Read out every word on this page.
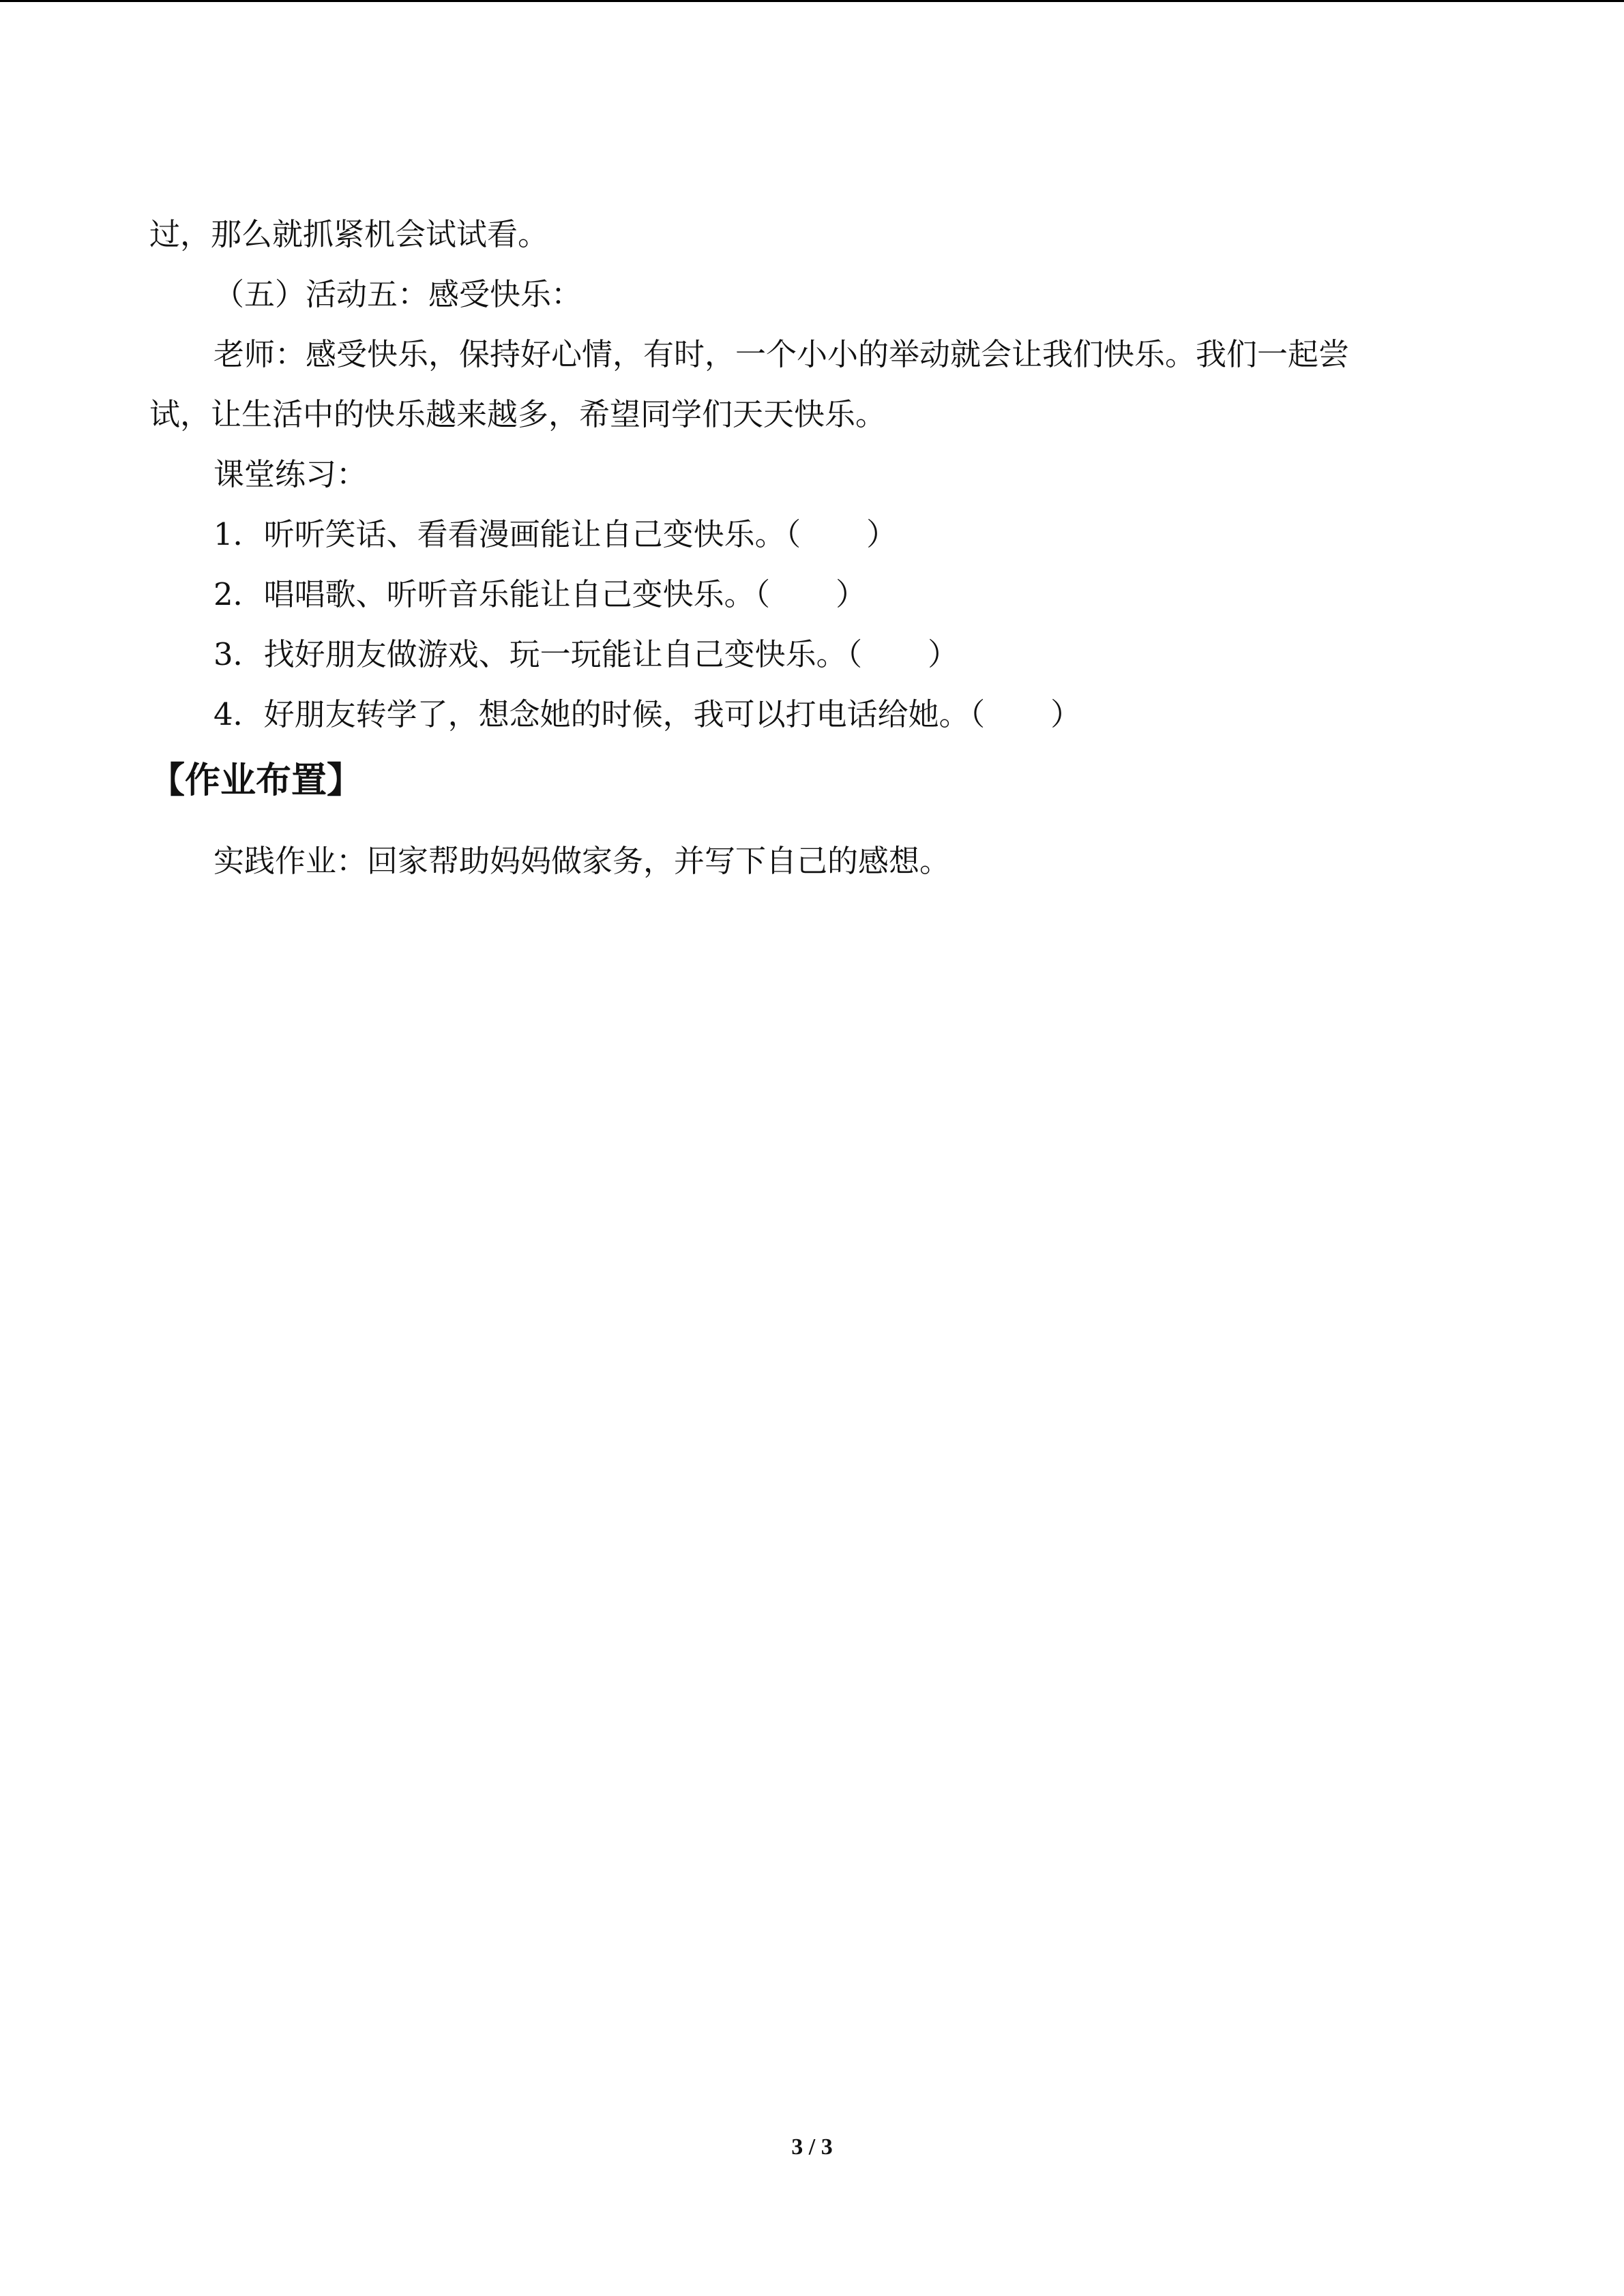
过，那么就抓紧机会试试看。
（五）活动五：感受快乐：
老师：感受快乐，保持好心情，有时，一个小小的举动就会让我们快乐。我们一起尝
试，让生活中的快乐越来越多，希望同学们天天快乐。
课堂练习：
1．听听笑话、看看漫画能让自己变快乐。（ ）
2．唱唱歌、听听音乐能让自己变快乐。（ ）
3．找好朋友做游戏、玩一玩能让自己变快乐。（ ）
4．好朋友转学了，想念她的时候，我可以打电话给她。（ ）
【作业布置】
实践作业：回家帮助妈妈做家务，并写下自己的感想。
3 / 3
